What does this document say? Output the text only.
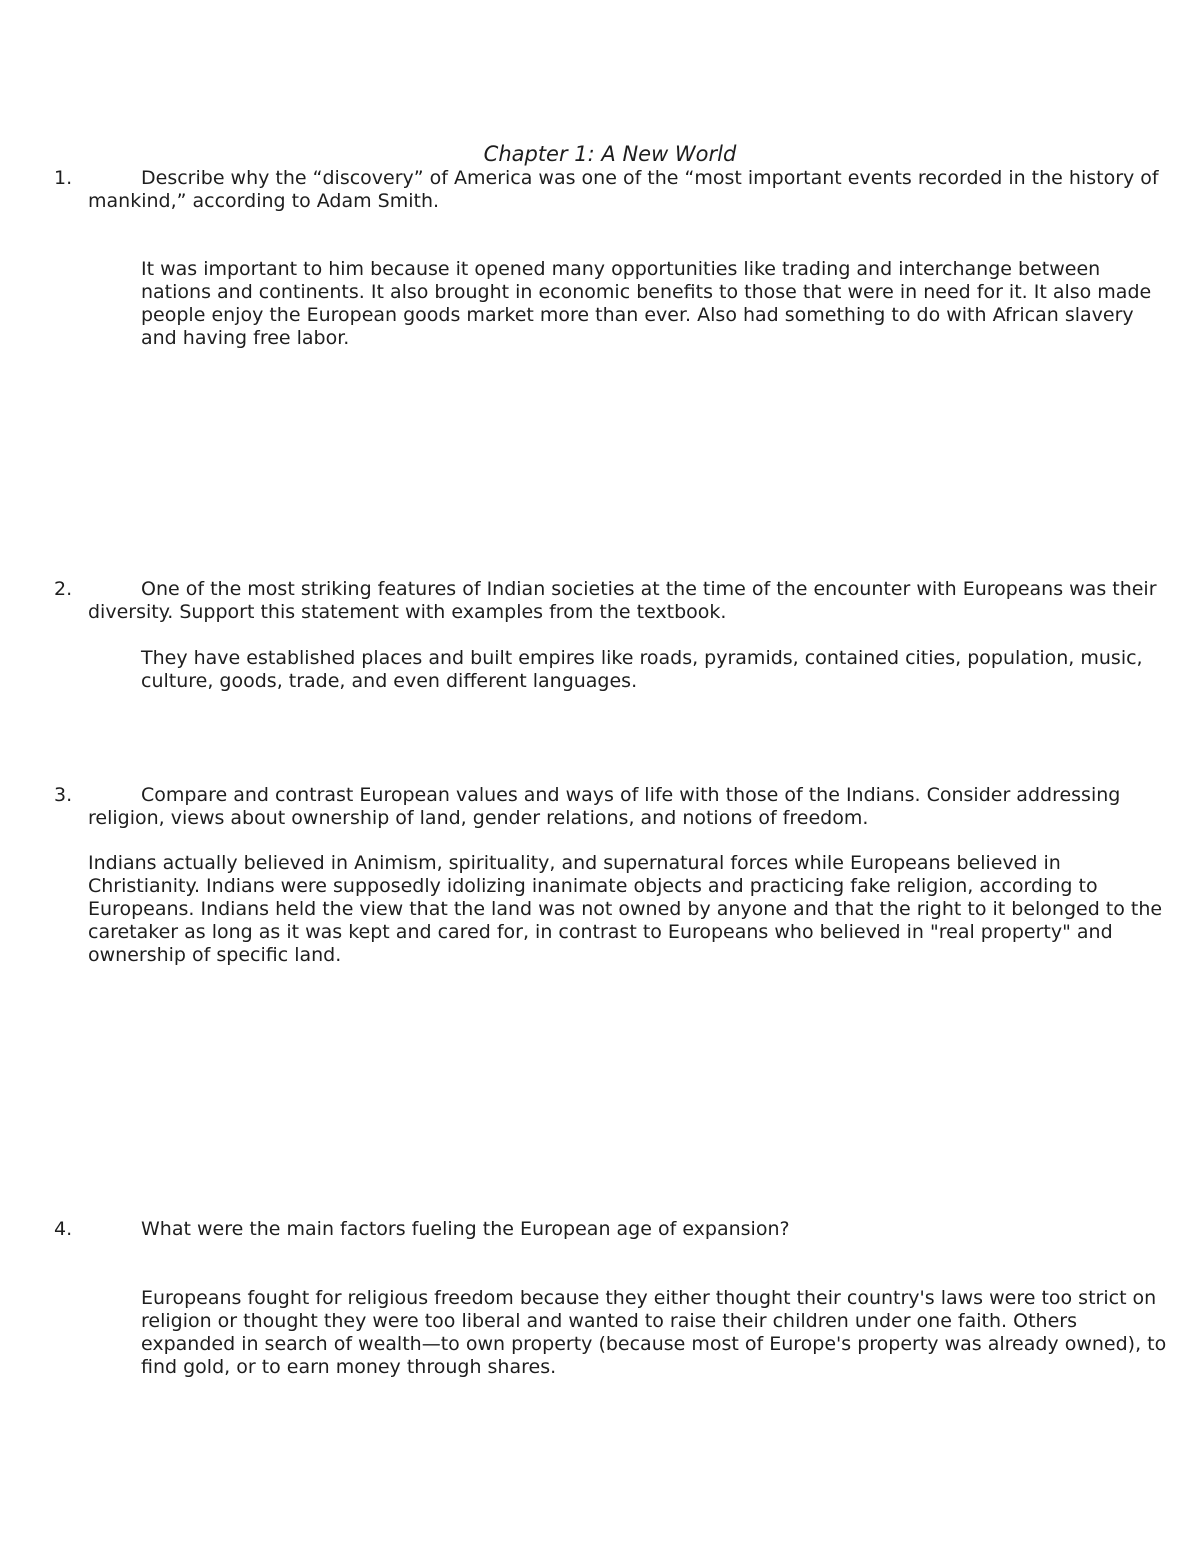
Chapter 1: A New World

1.	Describe why the “discovery” of America was one of the “most important events recorded in the history of mankind,” according to Adam Smith.

It was important to him because it opened many opportunities like trading and interchange between nations and continents. It also brought in economic benefits to those that were in need for it. It also made people enjoy the European goods market more than ever. Also had something to do with African slavery and having free labor.

2.	One of the most striking features of Indian societies at the time of the encounter with Europeans was their diversity. Support this statement with examples from the textbook.

They have established places and built empires like roads, pyramids, contained cities, population, music, culture, goods, trade, and even different languages.

3.	Compare and contrast European values and ways of life with those of the Indians. Consider addressing religion, views about ownership of land, gender relations, and notions of freedom.

Indians actually believed in Animism, spirituality, and supernatural forces while Europeans believed in Christianity. Indians were supposedly idolizing inanimate objects and practicing fake religion, according to Europeans. Indians held the view that the land was not owned by anyone and that the right to it belonged to the caretaker as long as it was kept and cared for, in contrast to Europeans who believed in "real property" and ownership of specific land.

4.	What were the main factors fueling the European age of expansion?

Europeans fought for religious freedom because they either thought their country's laws were too strict on religion or thought they were too liberal and wanted to raise their children under one faith. Others expanded in search of wealth—to own property (because most of Europe's property was already owned), to find gold, or to earn money through shares.
